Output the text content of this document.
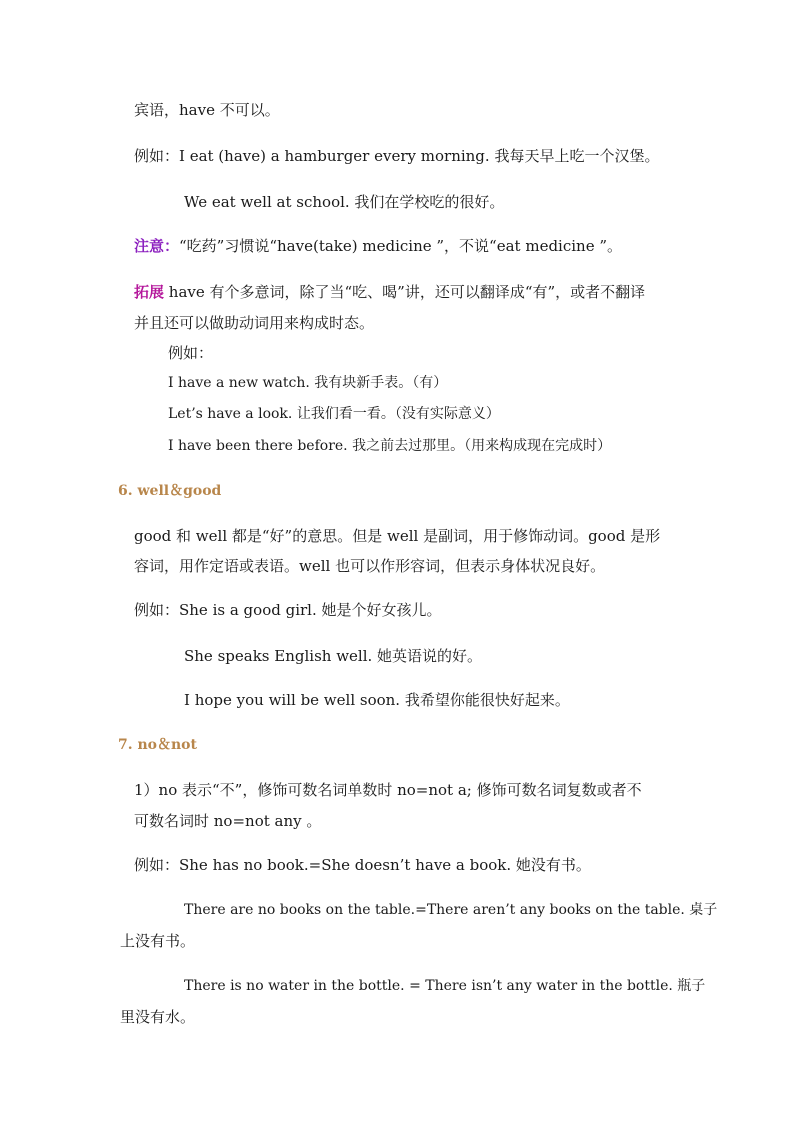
宾语，have 不可以。
例如：I eat (have) a hamburger every morning. 我每天早上吃一个汉堡。
We eat well at school. 我们在学校吃的很好。
注意：“吃药”习惯说“have(take) medicine ”，不说“eat medicine ”。
拓展 have 有个多意词，除了当“吃、喝”讲，还可以翻译成“有”，或者不翻译
并且还可以做助动词用来构成时态。
例如：
I have a new watch. 我有块新手表。（有）
Let’s have a look. 让我们看一看。（没有实际意义）
I have been there before. 我之前去过那里。（用来构成现在完成时）
6. well＆good
good 和 well 都是“好”的意思。但是 well 是副词，用于修饰动词。good 是形
容词，用作定语或表语。well 也可以作形容词，但表示身体状况良好。
例如：She is a good girl. 她是个好女孩儿。
She speaks English well. 她英语说的好。
I hope you will be well soon. 我希望你能很快好起来。
7. no＆not
1）no 表示“不”，修饰可数名词单数时 no=not a; 修饰可数名词复数或者不
可数名词时 no=not any 。
例如：She has no book.=She doesn’t have a book. 她没有书。
There are no books on the table.=There aren’t any books on the table. 桌子
上没有书。
There is no water in the bottle. = There isn’t any water in the bottle. 瓶子
里没有水。
